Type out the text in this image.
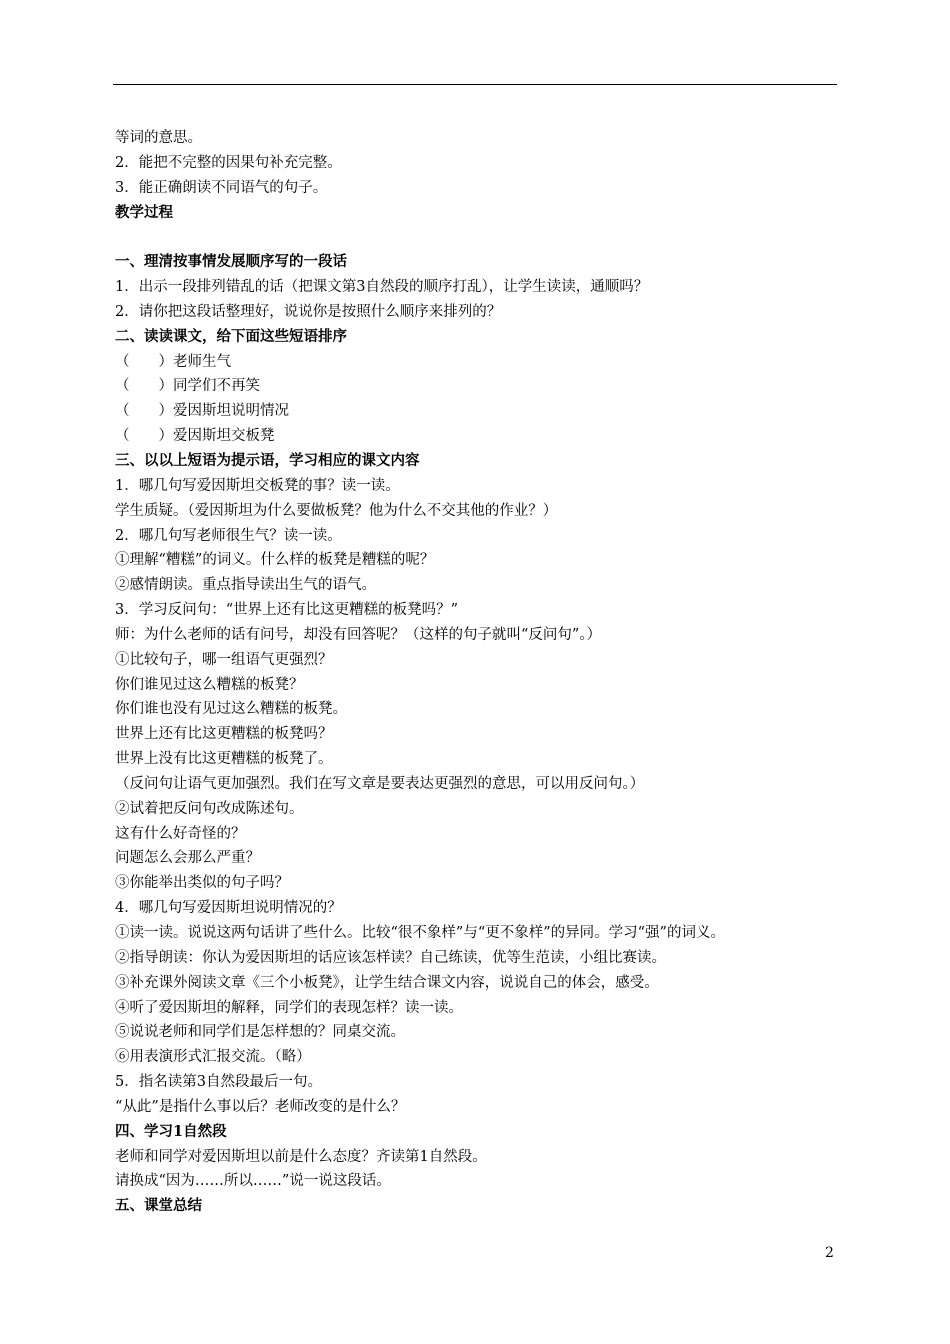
等词的意思。
2．能把不完整的因果句补充完整。
3．能正确朗读不同语气的句子。
教学过程
一、理清按事情发展顺序写的一段话
1．出示一段排列错乱的话（把课文第3自然段的顺序打乱），让学生读读，通顺吗？
2．请你把这段话整理好，说说你是按照什么顺序来排列的？
二、读读课文，给下面这些短语排序
（　　）老师生气
（　　）同学们不再笑
（　　）爱因斯坦说明情况
（　　）爱因斯坦交板凳
三、以以上短语为提示语，学习相应的课文内容
1．哪几句写爱因斯坦交板凳的事？读一读。
学生质疑。（爱因斯坦为什么要做板凳？他为什么不交其他的作业？）
2．哪几句写老师很生气？读一读。
①理解“糟糕”的词义。什么样的板凳是糟糕的呢？
②感情朗读。重点指导读出生气的语气。
3．学习反问句：“世界上还有比这更糟糕的板凳吗？”
师：为什么老师的话有问号，却没有回答呢？（这样的句子就叫“反问句”。）
①比较句子，哪一组语气更强烈？
你们谁见过这么糟糕的板凳？
你们谁也没有见过这么糟糕的板凳。
世界上还有比这更糟糕的板凳吗？
世界上没有比这更糟糕的板凳了。
（反问句让语气更加强烈。我们在写文章是要表达更强烈的意思，可以用反问句。）
②试着把反问句改成陈述句。
这有什么好奇怪的？
问题怎么会那么严重？
③你能举出类似的句子吗？
4．哪几句写爱因斯坦说明情况的？
①读一读。说说这两句话讲了些什么。比较“很不象样”与“更不象样”的异同。学习“强”的词义。
②指导朗读：你认为爱因斯坦的话应该怎样读？自己练读，优等生范读，小组比赛读。
③补充课外阅读文章《三个小板凳》，让学生结合课文内容，说说自己的体会，感受。
④听了爱因斯坦的解释，同学们的表现怎样？读一读。
⑤说说老师和同学们是怎样想的？同桌交流。
⑥用表演形式汇报交流。（略）
5．指名读第3自然段最后一句。
“从此”是指什么事以后？老师改变的是什么？
四、学习1自然段
老师和同学对爱因斯坦以前是什么态度？齐读第1自然段。
请换成“因为……所以……”说一说这段话。
五、课堂总结
2
